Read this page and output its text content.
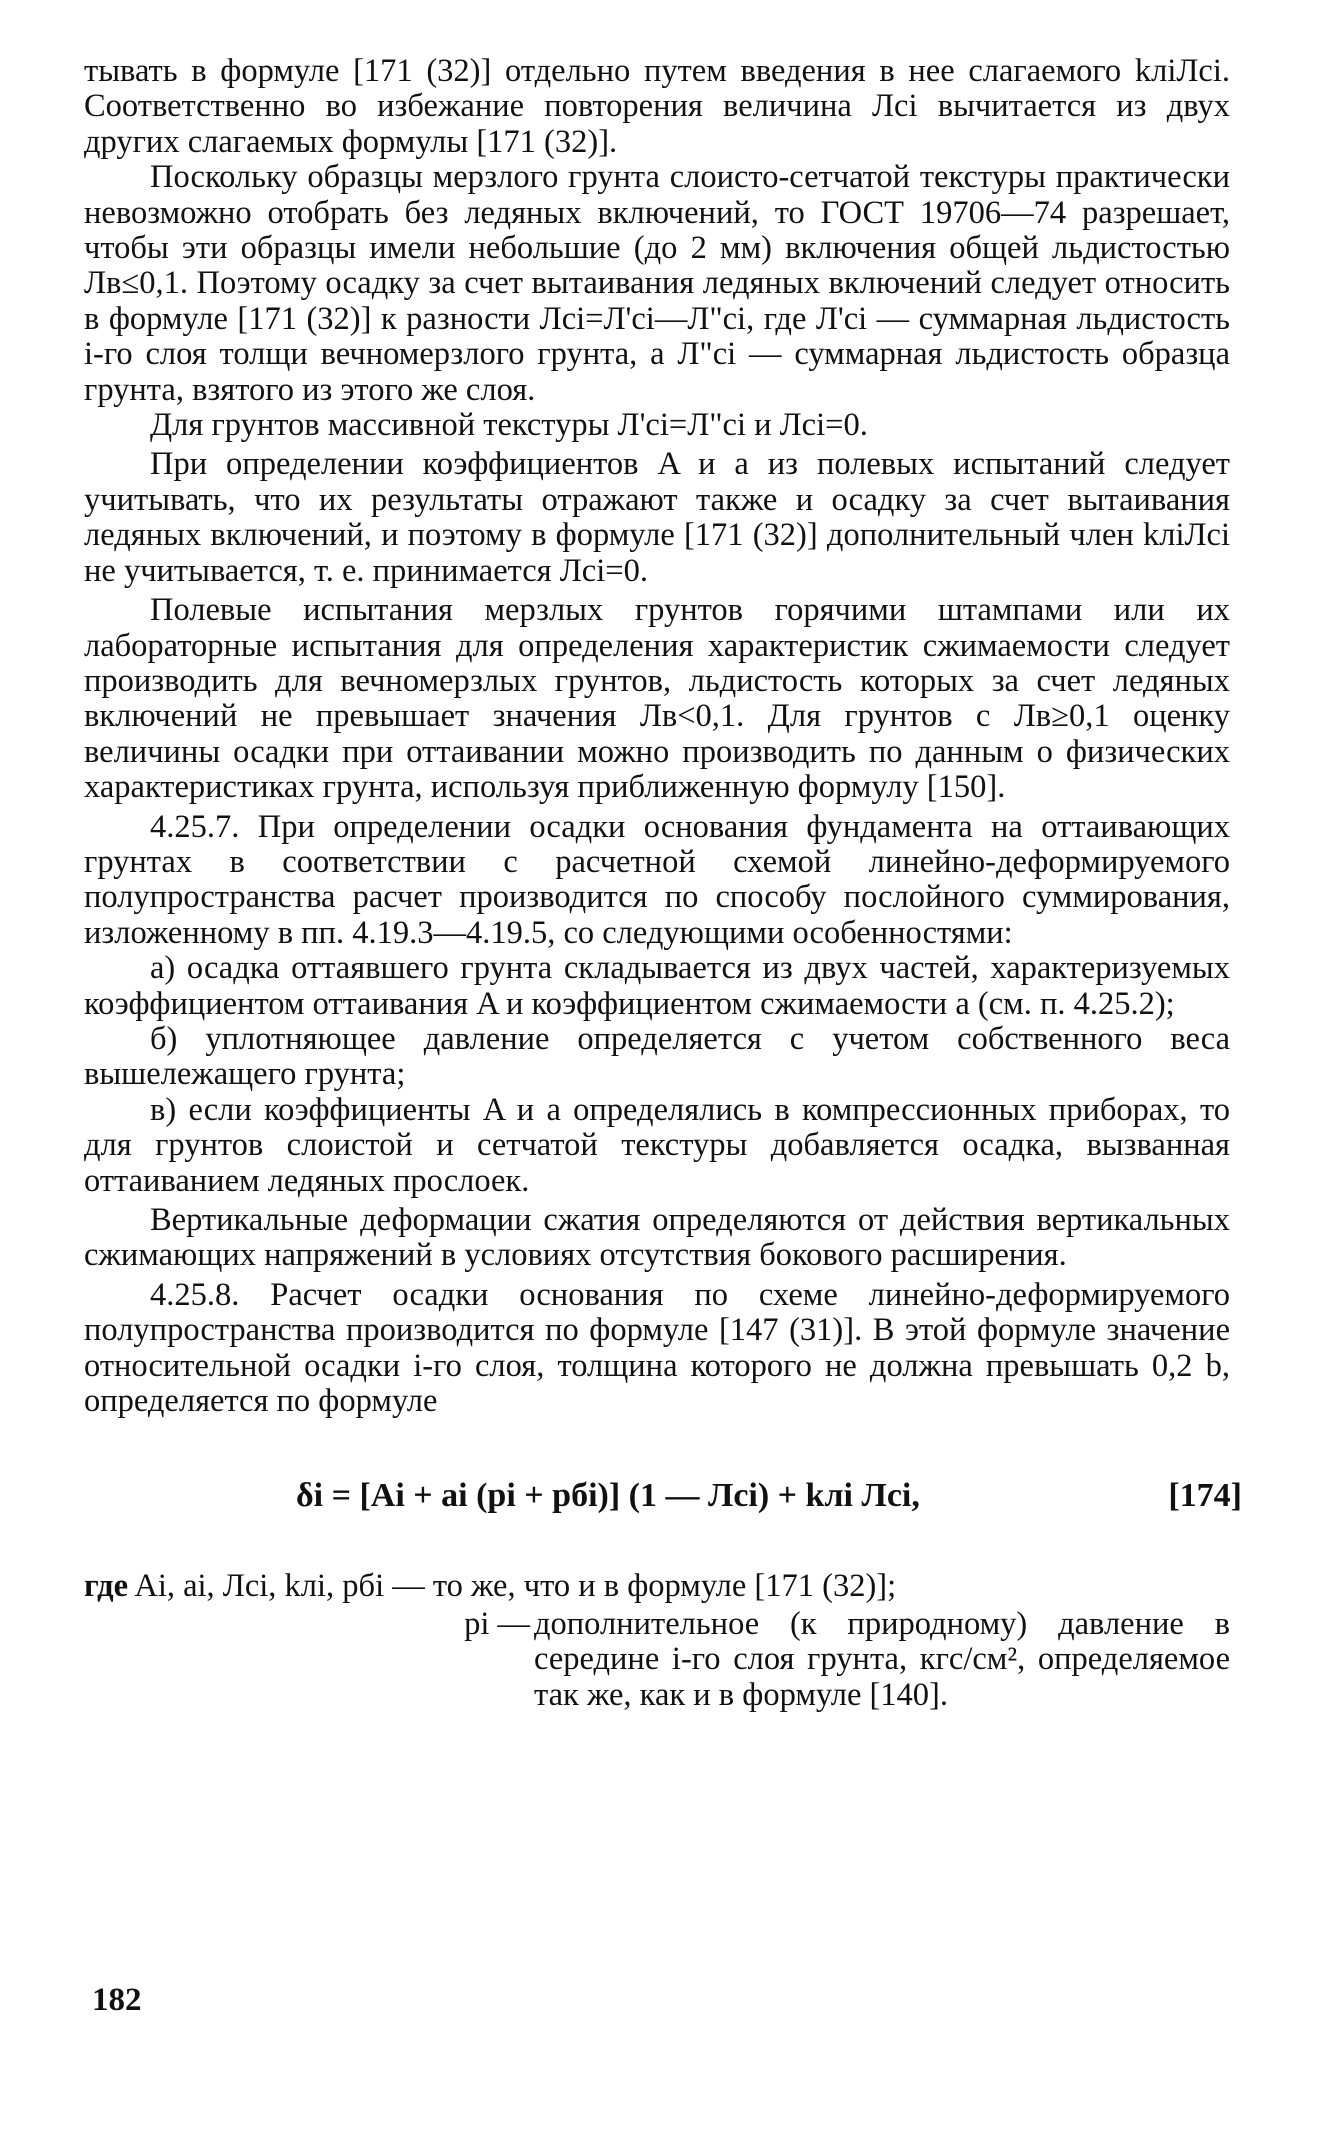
тывать в формуле [171 (32)] отдельно путем введения в нее слагаемого kлiЛci. Соответственно во избежание повторения величина Лci вычитается из двух других слагаемых формулы [171 (32)].

Поскольку образцы мерзлого грунта слоисто-сетчатой текстуры практически невозможно отобрать без ледяных включений, то ГОСТ 19706—74 разрешает, чтобы эти образцы имели небольшие (до 2 мм) включения общей льдистостью Лв≤0,1. Поэтому осадку за счет вытаивания ледяных включений следует относить в формуле [171 (32)] к разности Лci=Л'ci—Л"ci, где Л'ci — суммарная льдистость i-го слоя толщи вечномерзлого грунта, а Л"ci — суммарная льдистость образца грунта, взятого из этого же слоя.

Для грунтов массивной текстуры Л'ci=Л"ci и Лci=0.

При определении коэффициентов A и a из полевых испытаний следует учитывать, что их результаты отражают также и осадку за счет вытаивания ледяных включений, и поэтому в формуле [171 (32)] дополнительный член kлiЛci не учитывается, т. е. принимается Лci=0.

Полевые испытания мерзлых грунтов горячими штампами или их лабораторные испытания для определения характеристик сжимаемости следует производить для вечномерзлых грунтов, льдистость которых за счет ледяных включений не превышает значения Лв<0,1. Для грунтов с Лв≥0,1 оценку величины осадки при оттаивании можно производить по данным о физических характеристиках грунта, используя приближенную формулу [150].

4.25.7. При определении осадки основания фундамента на оттаивающих грунтах в соответствии с расчетной схемой линейно-деформируемого полупространства расчет производится по способу послойного суммирования, изложенному в пп. 4.19.3—4.19.5, со следующими особенностями:

а) осадка оттаявшего грунта складывается из двух частей, характеризуемых коэффициентом оттаивания A и коэффициентом сжимаемости a (см. п. 4.25.2);

б) уплотняющее давление определяется с учетом собственного веса вышележащего грунта;

в) если коэффициенты A и a определялись в компрессионных приборах, то для грунтов слоистой и сетчатой текстуры добавляется осадка, вызванная оттаиванием ледяных прослоек.

Вертикальные деформации сжатия определяются от действия вертикальных сжимающих напряжений в условиях отсутствия бокового расширения.

4.25.8. Расчет осадки основания по схеме линейно-деформируемого полупространства производится по формуле [147 (31)]. В этой формуле значение относительной осадки i-го слоя, толщина которого не должна превышать 0,2 b, определяется по формуле

δi = [Ai + ai (pi + pбi)] (1 — Лci) + kлi Лci,	[174]
где Ai, ai, Лci, kлi, pбi — то же, что и в формуле [171 (32)];
pi — дополнительное (к природному) давление в середине i-го слоя грунта, кгс/см², определяемое так же, как и в формуле [140].
182
